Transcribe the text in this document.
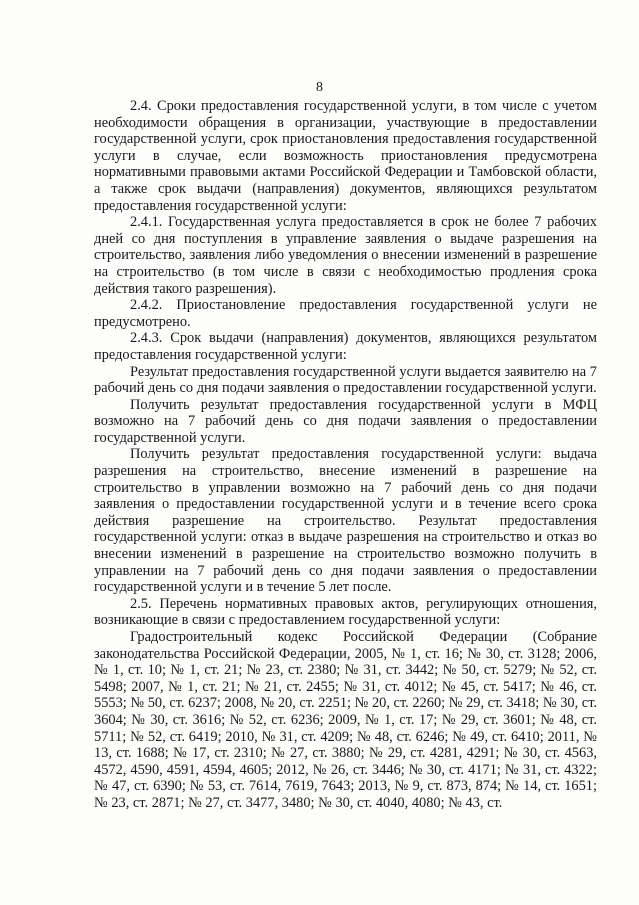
8

2.4. Сроки предоставления государственной услуги, в том числе с учетом необходимости обращения в организации, участвующие в предоставлении государственной услуги, срок приостановления предоставления государственной услуги в случае, если возможность приостановления предусмотрена нормативными правовыми актами Российской Федерации и Тамбовской области, а также срок выдачи (направления) документов, являющихся результатом предоставления государственной услуги:

2.4.1. Государственная услуга предоставляется в срок не более 7 рабочих дней со дня поступления в управление заявления о выдаче разрешения на строительство, заявления либо уведомления о внесении изменений в разрешение на строительство (в том числе в связи с необходимостью продления срока действия такого разрешения).

2.4.2. Приостановление предоставления государственной услуги не предусмотрено.

2.4.3. Срок выдачи (направления) документов, являющихся результатом предоставления государственной услуги:

Результат предоставления государственной услуги выдается заявителю на 7 рабочий день со дня подачи заявления о предоставлении государственной услуги.

Получить результат предоставления государственной услуги в МФЦ возможно на 7 рабочий день со дня подачи заявления о предоставлении государственной услуги.

Получить результат предоставления государственной услуги: выдача разрешения на строительство, внесение изменений в разрешение на строительство в управлении возможно на 7 рабочий день со дня подачи заявления о предоставлении государственной услуги и в течение всего срока действия разрешение на строительство. Результат предоставления государственной услуги: отказ в выдаче разрешения на строительство и отказ во внесении изменений в разрешение на строительство возможно получить в управлении на 7 рабочий день со дня подачи заявления о предоставлении государственной услуги и в течение 5 лет после.

2.5. Перечень нормативных правовых актов, регулирующих отношения, возникающие в связи с предоставлением государственной услуги:

Градостроительный кодекс Российской Федерации (Собрание законодательства Российской Федерации, 2005, № 1, ст. 16; № 30, ст. 3128; 2006, № 1, ст. 10; № 1, ст. 21; № 23, ст. 2380; № 31, ст. 3442; № 50, ст. 5279; № 52, ст. 5498; 2007, № 1, ст. 21; № 21, ст. 2455; № 31, ст. 4012; № 45, ст. 5417; № 46, ст. 5553; № 50, ст. 6237; 2008, № 20, ст. 2251; № 20, ст. 2260; № 29, ст. 3418; № 30, ст. 3604; № 30, ст. 3616; № 52, ст. 6236; 2009, № 1, ст. 17; № 29, ст. 3601; № 48, ст. 5711; № 52, ст. 6419; 2010, № 31, ст. 4209; № 48, ст. 6246; № 49, ст. 6410; 2011, № 13, ст. 1688; № 17, ст. 2310; № 27, ст. 3880; № 29, ст. 4281, 4291; № 30, ст. 4563, 4572, 4590, 4591, 4594, 4605; 2012, № 26, ст. 3446; № 30, ст. 4171; № 31, ст. 4322; № 47, ст. 6390; № 53, ст. 7614, 7619, 7643; 2013, № 9, ст. 873, 874; № 14, ст. 1651; № 23, ст. 2871; № 27, ст. 3477, 3480; № 30, ст. 4040, 4080; № 43, ст.
